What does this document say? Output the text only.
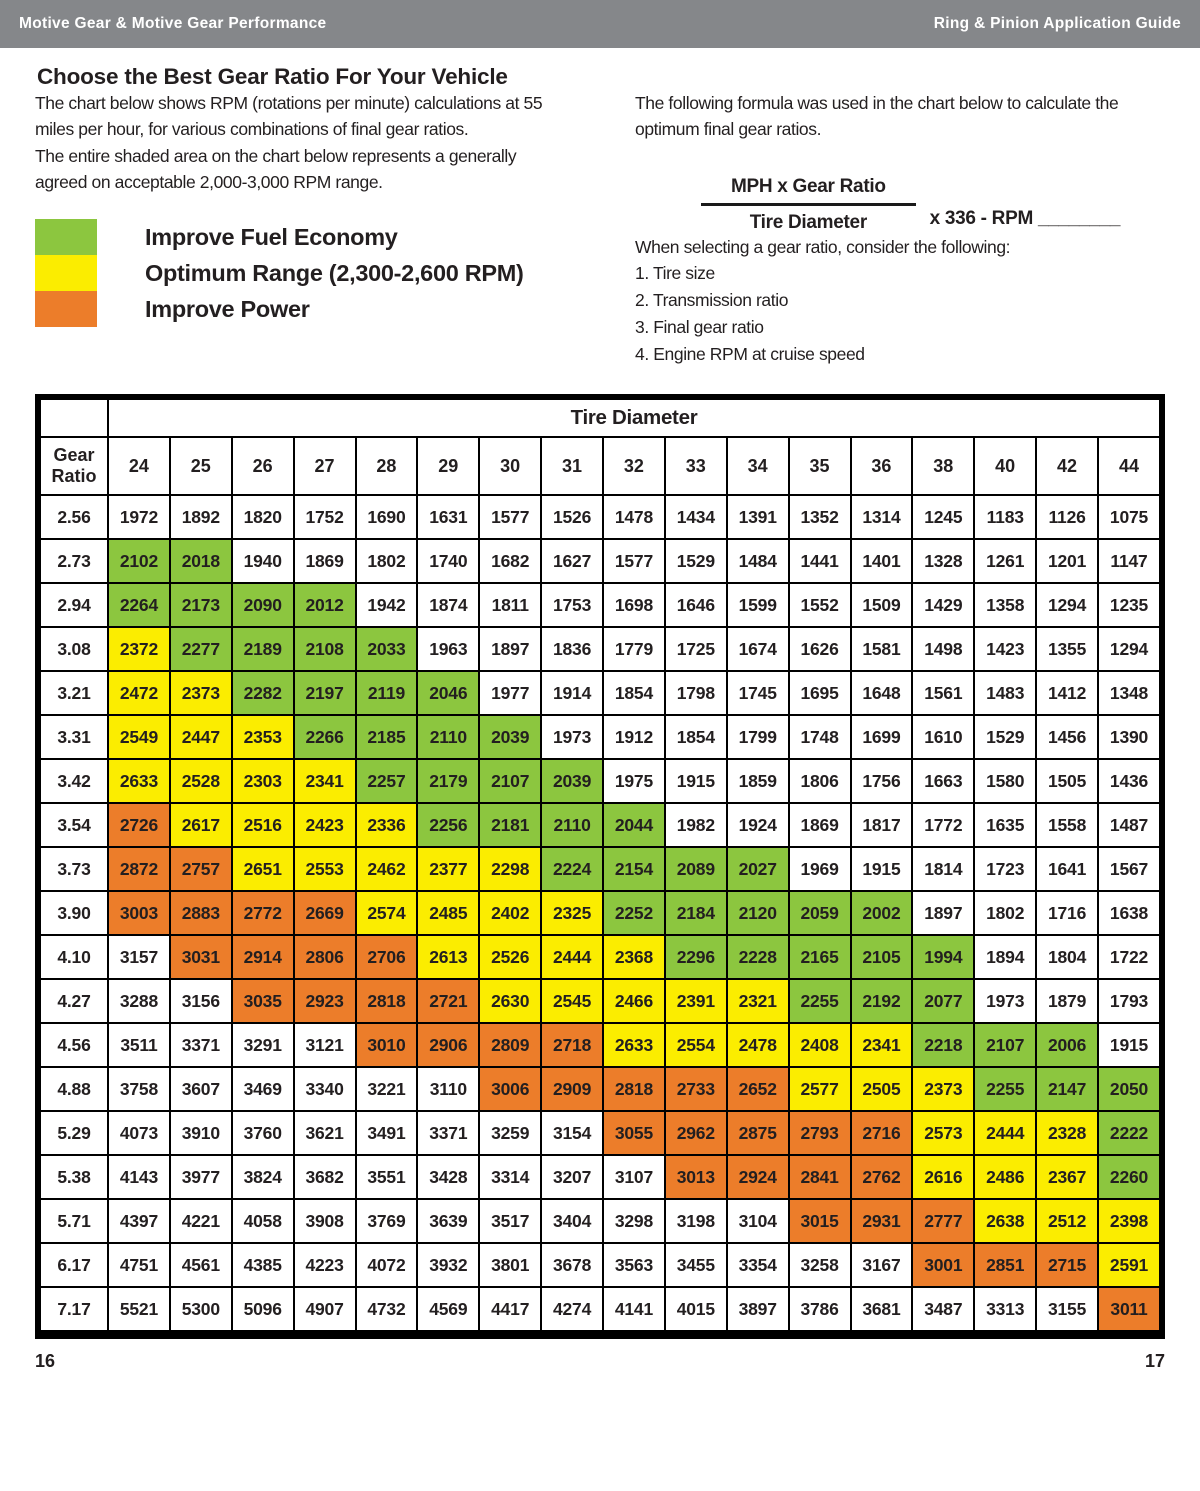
Motive Gear & Motive Gear Performance	Ring & Pinion Application Guide
Choose the Best Gear Ratio For Your Vehicle

The chart below shows RPM (rotations per minute) calculations at 55 miles per hour, for various combinations of final gear ratios.

The entire shaded area on the chart below represents a generally agreed on acceptable 2,000-3,000 RPM range.

Improve Fuel Economy
Optimum Range (2,300-2,600 RPM)
Improve Power

The following formula was used in the chart below to calculate the optimum final gear ratios.

$\frac{\text{MPH x Gear Ratio}}{\text{Tire Diameter}}$ x 336 - RPM ________

When selecting a gear ratio, consider the following:

1. Tire size
2. Transmission ratio
3. Final gear ratio
4. Engine RPM at cruise speed
	Tire Diameter																
Gear Ratio	24	25	26	27	28	29	30	31	32	33	34	35	36	38	40	42	44
2.56	1972	1892	1820	1752	1690	1631	1577	1526	1478	1434	1391	1352	1314	1245	1183	1126	1075
2.73	2102	2018	1940	1869	1802	1740	1682	1627	1577	1529	1484	1441	1401	1328	1261	1201	1147
2.94	2264	2173	2090	2012	1942	1874	1811	1753	1698	1646	1599	1552	1509	1429	1358	1294	1235
3.08	2372	2277	2189	2108	2033	1963	1897	1836	1779	1725	1674	1626	1581	1498	1423	1355	1294
3.21	2472	2373	2282	2197	2119	2046	1977	1914	1854	1798	1745	1695	1648	1561	1483	1412	1348
3.31	2549	2447	2353	2266	2185	2110	2039	1973	1912	1854	1799	1748	1699	1610	1529	1456	1390
3.42	2633	2528	2303	2341	2257	2179	2107	2039	1975	1915	1859	1806	1756	1663	1580	1505	1436
3.54	2726	2617	2516	2423	2336	2256	2181	2110	2044	1982	1924	1869	1817	1772	1635	1558	1487
3.73	2872	2757	2651	2553	2462	2377	2298	2224	2154	2089	2027	1969	1915	1814	1723	1641	1567
3.90	3003	2883	2772	2669	2574	2485	2402	2325	2252	2184	2120	2059	2002	1897	1802	1716	1638
4.10	3157	3031	2914	2806	2706	2613	2526	2444	2368	2296	2228	2165	2105	1994	1894	1804	1722
4.27	3288	3156	3035	2923	2818	2721	2630	2545	2466	2391	2321	2255	2192	2077	1973	1879	1793
4.56	3511	3371	3291	3121	3010	2906	2809	2718	2633	2554	2478	2408	2341	2218	2107	2006	1915
4.88	3758	3607	3469	3340	3221	3110	3006	2909	2818	2733	2652	2577	2505	2373	2255	2147	2050
5.29	4073	3910	3760	3621	3491	3371	3259	3154	3055	2962	2875	2793	2716	2573	2444	2328	2222
5.38	4143	3977	3824	3682	3551	3428	3314	3207	3107	3013	2924	2841	2762	2616	2486	2367	2260
5.71	4397	4221	4058	3908	3769	3639	3517	3404	3298	3198	3104	3015	2931	2777	2638	2512	2398
6.17	4751	4561	4385	4223	4072	3932	3801	3678	3563	3455	3354	3258	3167	3001	2851	2715	2591
7.17	5521	5300	5096	4907	4732	4569	4417	4274	4141	4015	3897	3786	3681	3487	3313	3155	3011
16	17
